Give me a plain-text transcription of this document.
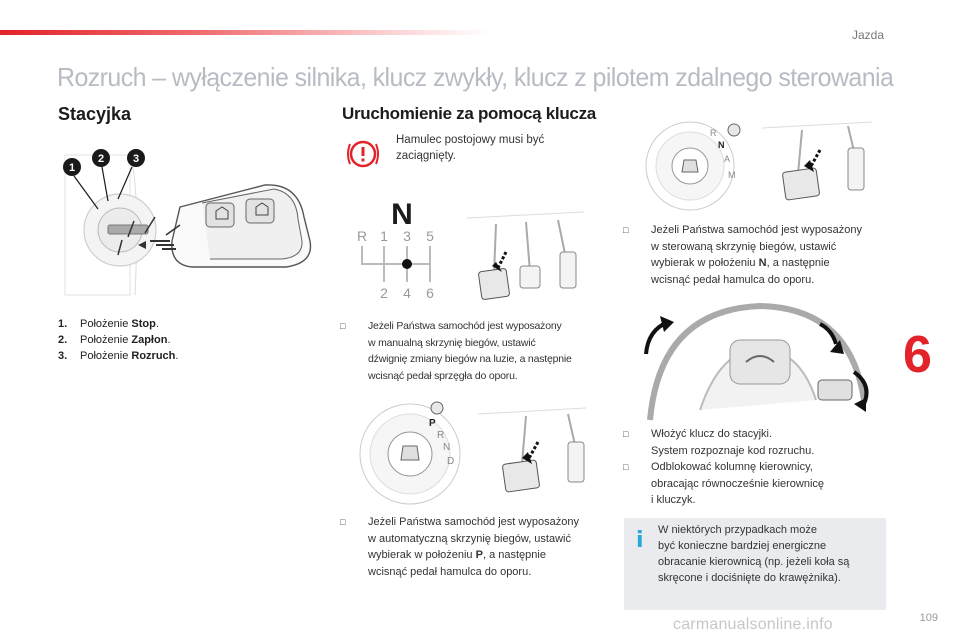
Jazda
Rozruch – wyłączenie silnika, klucz zwykły, klucz z pilotem zdalnego sterowania
Stacyjka	Uruchomienie za pomocą klucza
1
2	3
1. Położenie Stop.
2. Położenie Zapłon.
3. Położenie Rozruch.
Hamulec postojowy musi być zaciągnięty.
N
R 1 3 5
2 4 6
□ Jeżeli Państwa samochód jest wyposażony
w manualną skrzynię biegów, ustawić
dźwignię zmiany biegów na luzie, a następnie
wcisnąć pedał sprzęgła do oporu.
P
R
N
D
□ Jeżeli Państwa samochód jest wyposażony
w automatyczną skrzynię biegów, ustawić
wybierak w położeniu P, a następnie
wcisnąć pedał hamulca do oporu.
R
N
A
M
□ Jeżeli Państwa samochód jest wyposażony
w sterowaną skrzynię biegów, ustawić
wybierak w położeniu N, a następnie
wcisnąć pedał hamulca do oporu.
□ Włożyć klucz do stacyjki.
System rozpoznaje kod rozruchu.
□ Odblokować kolumnę kierownicy,
obracając równocześnie kierownicę
i kluczyk.
i W niektórych przypadkach może
być konieczne bardziej energiczne
obracanie kierownicą (np. jeżeli koła są
skręcone i dociśnięte do krawężnika).
6
carmanualsonline.info	109
